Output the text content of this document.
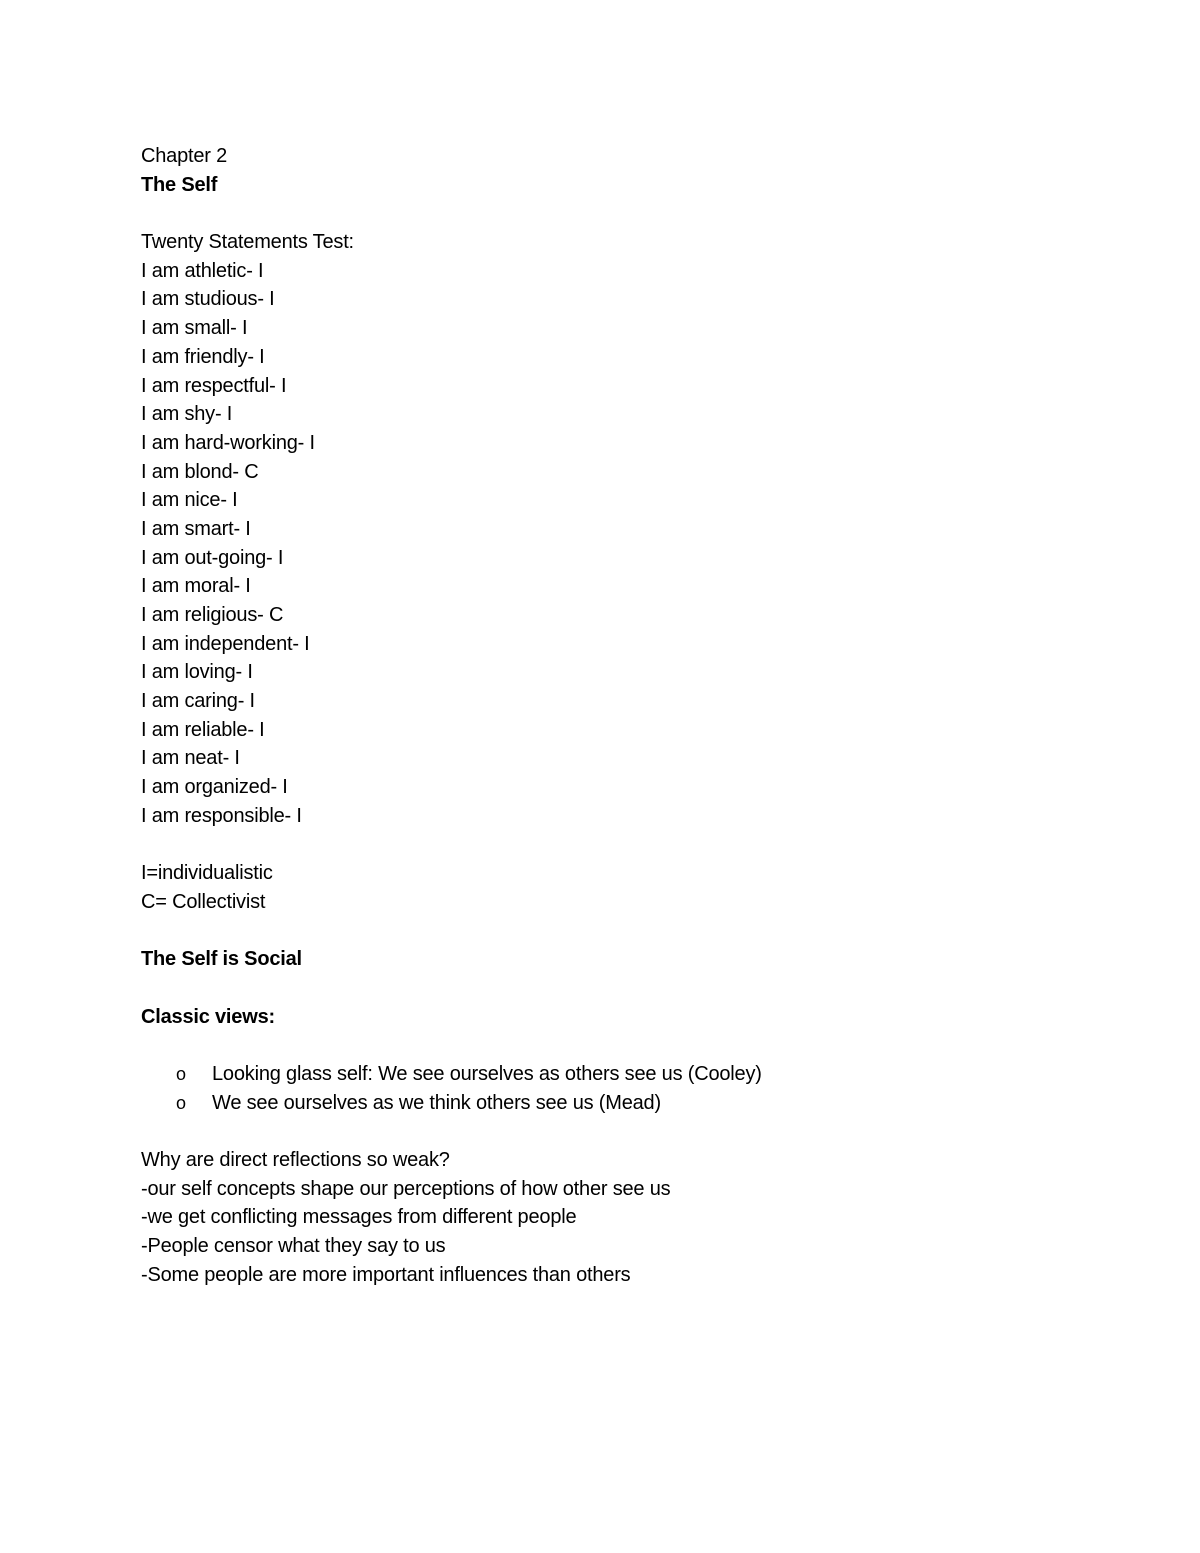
Chapter 2
The Self
Twenty Statements Test:
I am athletic- I
I am studious- I
I am small- I
I am friendly- I
I am respectful- I
I am shy- I
I am hard-working- I
I am blond- C
I am nice- I
I am smart- I
I am out-going- I
I am moral- I
I am religious- C
I am independent- I
I am loving- I
I am caring- I
I am reliable- I
I am neat- I
I am organized- I
I am responsible- I
I=individualistic
C= Collectivist
The Self is Social
Classic views:
o Looking glass self: We see ourselves as others see us (Cooley)
o We see ourselves as we think others see us (Mead)
Why are direct reflections so weak?
-our self concepts shape our perceptions of how other see us
-we get conflicting messages from different people
-People censor what they say to us
-Some people are more important influences than others
